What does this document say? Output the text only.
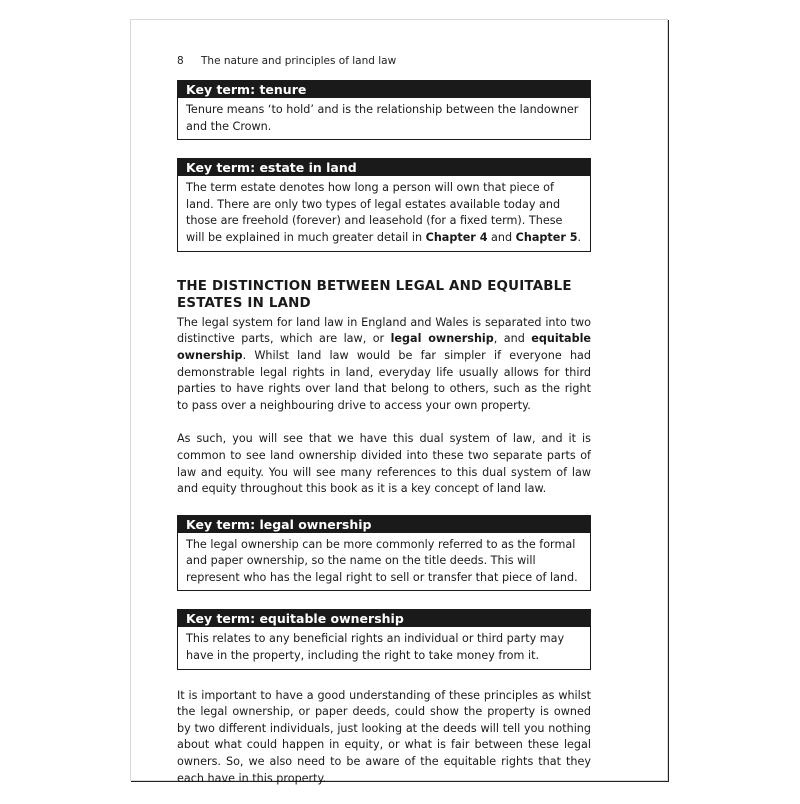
8 The nature and principles of land law
Key term: tenure
Tenure means ‘to hold’ and is the relationship between the landowner and the Crown.
Key term: estate in land
The term estate denotes how long a person will own that piece of land. There are only two types of legal estates available today and those are freehold (forever) and leasehold (for a fixed term). These will be explained in much greater detail in Chapter 4 and Chapter 5.
THE DISTINCTION BETWEEN LEGAL AND EQUITABLE ESTATES IN LAND

The legal system for land law in England and Wales is separated into two distinctive parts, which are law, or legal ownership, and equitable ownership. Whilst land law would be far simpler if everyone had demonstrable legal rights in land, everyday life usually allows for third parties to have rights over land that belong to others, such as the right to pass over a neighbouring drive to access your own property.

As such, you will see that we have this dual system of law, and it is common to see land ownership divided into these two separate parts of law and equity. You will see many references to this dual system of law and equity throughout this book as it is a key concept of land law.

Key term: legal ownership
The legal ownership can be more commonly referred to as the formal and paper ownership, so the name on the title deeds. This will represent who has the legal right to sell or transfer that piece of land.
Key term: equitable ownership
This relates to any beneficial rights an individual or third party may have in the property, including the right to take money from it.

It is important to have a good understanding of these principles as whilst the legal ownership, or paper deeds, could show the property is owned by two different individuals, just looking at the deeds will tell you nothing about what could happen in equity, or what is fair between these legal owners. So, we also need to be aware of the equitable rights that they each have in this property.
